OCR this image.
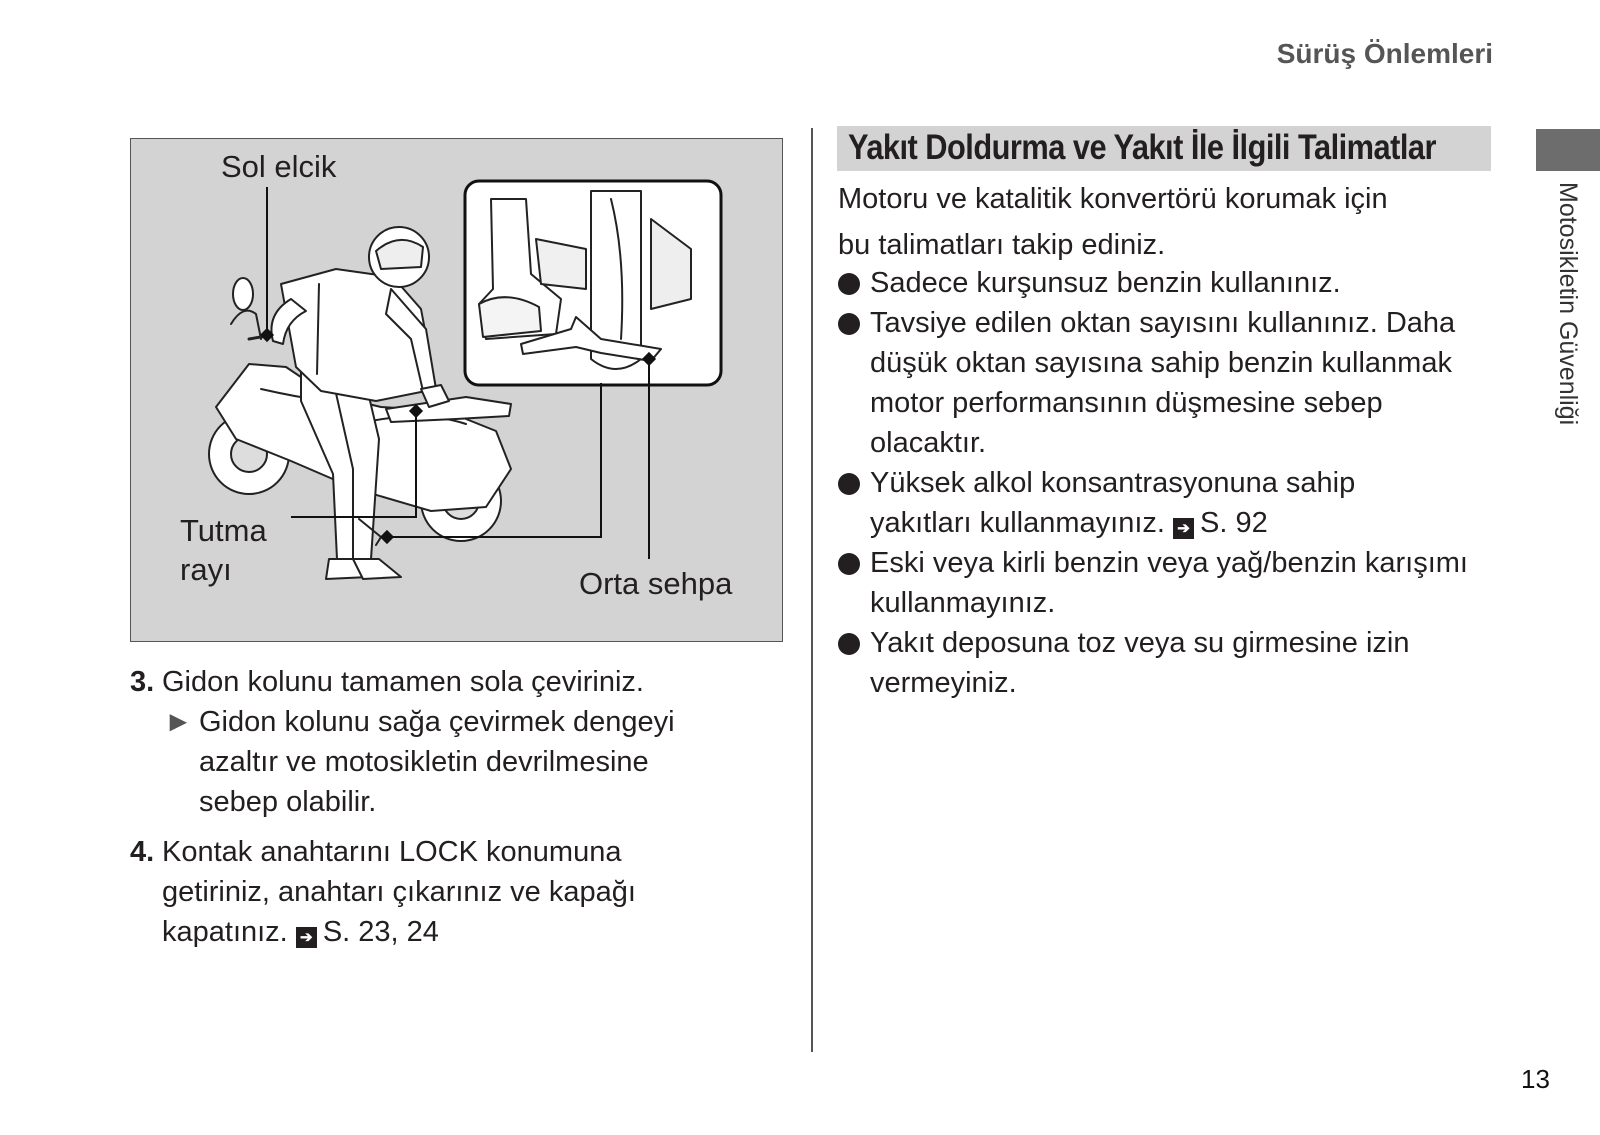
Sürüş Önlemleri
Motosikletin Güvenliği
Sol elcik
Tutma
rayı	Orta sehpa
3. Gidon kolunu tamamen sola çeviriniz.
► Gidon kolunu sağa çevirmek dengeyi azaltır ve motosikletin devrilmesine sebep olabilir.
4. Kontak anahtarını LOCK konumuna getiriniz, anahtarı çıkarınız ve kapağı kapatınız. ➔ S. 23, 24
Yakıt Doldurma ve Yakıt İle İlgili Talimatlar
Motoru ve katalitik konvertörü korumak için
bu talimatları takip ediniz.
Sadece kurşunsuz benzin kullanınız.
Tavsiye edilen oktan sayısını kullanınız. Daha düşük oktan sayısına sahip benzin kullanmak motor performansının düşmesine sebep olacaktır.
Yüksek alkol konsantrasyonuna sahip yakıtları kullanmayınız. ➔ S. 92
Eski veya kirli benzin veya yağ/benzin karışımı kullanmayınız.
Yakıt deposuna toz veya su girmesine izin vermeyiniz.
13
